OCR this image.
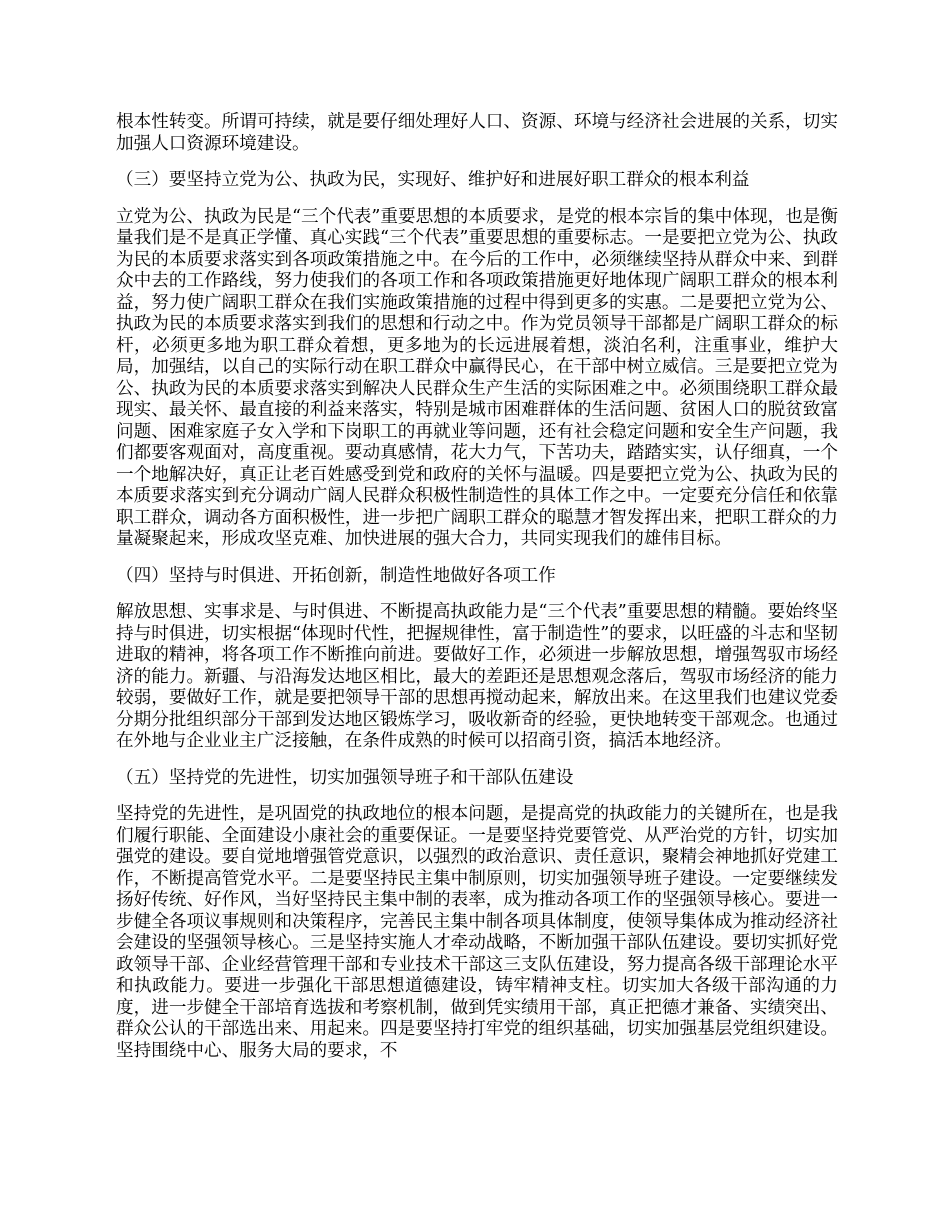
根本性转变。所谓可持续，就是要仔细处理好人口、资源、环境与经济社会进展的关系，切实加强人口资源环境建设。

（三）要坚持立党为公、执政为民，实现好、维护好和进展好职工群众的根本利益

立党为公、执政为民是“三个代表”重要思想的本质要求，是党的根本宗旨的集中体现，也是衡量我们是不是真正学懂、真心实践“三个代表”重要思想的重要标志。一是要把立党为公、执政为民的本质要求落实到各项政策措施之中。在今后的工作中，必须继续坚持从群众中来、到群众中去的工作路线，努力使我们的各项工作和各项政策措施更好地体现广阔职工群众的根本利益，努力使广阔职工群众在我们实施政策措施的过程中得到更多的实惠。二是要把立党为公、执政为民的本质要求落实到我们的思想和行动之中。作为党员领导干部都是广阔职工群众的标杆，必须更多地为职工群众着想，更多地为的长远进展着想，淡泊名利，注重事业，维护大局，加强结，以自己的实际行动在职工群众中赢得民心，在干部中树立威信。三是要把立党为公、执政为民的本质要求落实到解决人民群众生产生活的实际困难之中。必须围绕职工群众最现实、最关怀、最直接的利益来落实，特别是城市困难群体的生活问题、贫困人口的脱贫致富问题、困难家庭子女入学和下岗职工的再就业等问题，还有社会稳定问题和安全生产问题，我们都要客观面对，高度重视。要动真感情，花大力气，下苦功夫，踏踏实实，认仔细真，一个一个地解决好，真正让老百姓感受到党和政府的关怀与温暖。四是要把立党为公、执政为民的本质要求落实到充分调动广阔人民群众积极性制造性的具体工作之中。一定要充分信任和依靠职工群众，调动各方面积极性，进一步把广阔职工群众的聪慧才智发挥出来，把职工群众的力量凝聚起来，形成攻坚克难、加快进展的强大合力，共同实现我们的雄伟目标。

（四）坚持与时俱进、开拓创新，制造性地做好各项工作

解放思想、实事求是、与时俱进、不断提高执政能力是“三个代表”重要思想的精髓。要始终坚持与时俱进，切实根据“体现时代性，把握规律性，富于制造性”的要求，以旺盛的斗志和坚韧进取的精神，将各项工作不断推向前进。要做好工作，必须进一步解放思想，增强驾驭市场经济的能力。新疆、与沿海发达地区相比，最大的差距还是思想观念落后，驾驭市场经济的能力较弱，要做好工作，就是要把领导干部的思想再搅动起来，解放出来。在这里我们也建议党委分期分批组织部分干部到发达地区锻炼学习，吸收新奇的经验，更快地转变干部观念。也通过在外地与企业业主广泛接触，在条件成熟的时候可以招商引资，搞活本地经济。

（五）坚持党的先进性，切实加强领导班子和干部队伍建设

坚持党的先进性，是巩固党的执政地位的根本问题，是提高党的执政能力的关键所在，也是我们履行职能、全面建设小康社会的重要保证。一是要坚持党要管党、从严治党的方针，切实加强党的建设。要自觉地增强管党意识，以强烈的政治意识、责任意识，聚精会神地抓好党建工作，不断提高管党水平。二是要坚持民主集中制原则，切实加强领导班子建设。一定要继续发扬好传统、好作风，当好坚持民主集中制的表率，成为推动各项工作的坚强领导核心。要进一步健全各项议事规则和决策程序，完善民主集中制各项具体制度，使领导集体成为推动经济社会建设的坚强领导核心。三是坚持实施人才牵动战略，不断加强干部队伍建设。要切实抓好党政领导干部、企业经营管理干部和专业技术干部这三支队伍建设，努力提高各级干部理论水平和执政能力。要进一步强化干部思想道德建设，铸牢精神支柱。切实加大各级干部沟通的力度，进一步健全干部培育选拔和考察机制，做到凭实绩用干部，真正把德才兼备、实绩突出、群众公认的干部选出来、用起来。四是要坚持打牢党的组织基础，切实加强基层党组织建设。坚持围绕中心、服务大局的要求，不
